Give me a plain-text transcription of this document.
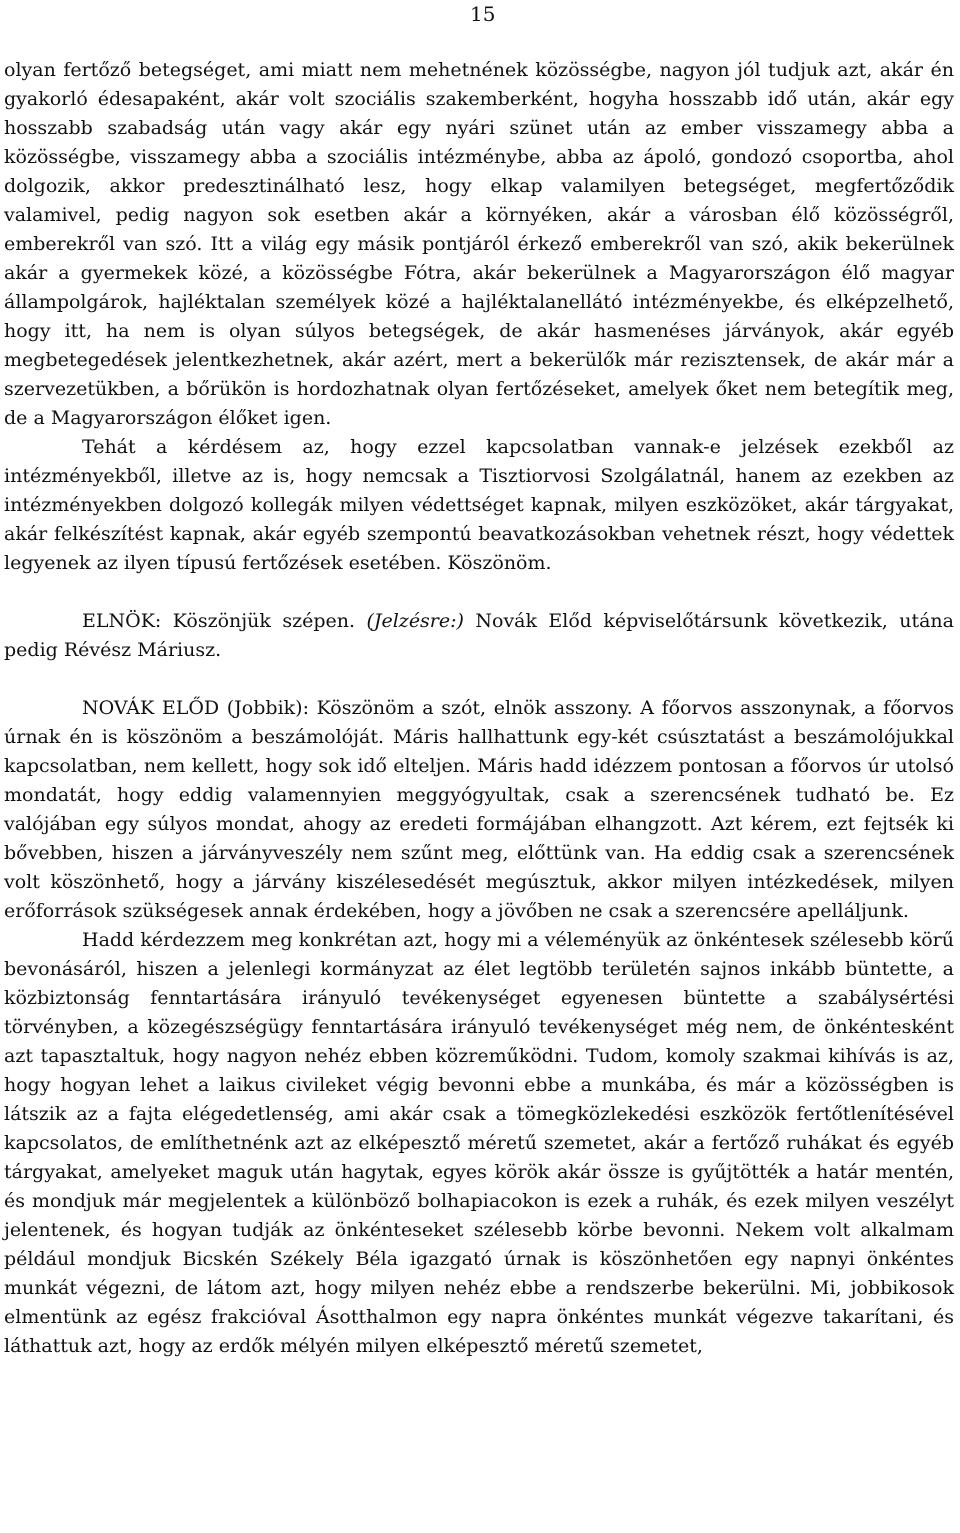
15

olyan fertőző betegséget, ami miatt nem mehetnének közösségbe, nagyon jól tudjuk azt, akár én gyakorló édesapaként, akár volt szociális szakemberként, hogyha hosszabb idő után, akár egy hosszabb szabadság után vagy akár egy nyári szünet után az ember visszamegy abba a közösségbe, visszamegy abba a szociális intézménybe, abba az ápoló, gondozó csoportba, ahol dolgozik, akkor predesztinálható lesz, hogy elkap valamilyen betegséget, megfertőződik valamivel, pedig nagyon sok esetben akár a környéken, akár a városban élő közösségről, emberekről van szó. Itt a világ egy másik pontjáról érkező emberekről van szó, akik bekerülnek akár a gyermekek közé, a közösségbe Fótra, akár bekerülnek a Magyarországon élő magyar állampolgárok, hajléktalan személyek közé a hajléktalanellátó intézményekbe, és elképzelhető, hogy itt, ha nem is olyan súlyos betegségek, de akár hasmenéses járványok, akár egyéb megbetegedések jelentkezhetnek, akár azért, mert a bekerülők már rezisztensek, de akár már a szervezetükben, a bőrükön is hordozhatnak olyan fertőzéseket, amelyek őket nem betegítik meg, de a Magyarországon élőket igen.

Tehát a kérdésem az, hogy ezzel kapcsolatban vannak-e jelzések ezekből az intézményekből, illetve az is, hogy nemcsak a Tisztiorvosi Szolgálatnál, hanem az ezekben az intézményekben dolgozó kollegák milyen védettséget kapnak, milyen eszközöket, akár tárgyakat, akár felkészítést kapnak, akár egyéb szempontú beavatkozásokban vehetnek részt, hogy védettek legyenek az ilyen típusú fertőzések esetében. Köszönöm.

ELNÖK: Köszönjük szépen. (Jelzésre:) Novák Előd képviselőtársunk következik, utána pedig Révész Máriusz.

NOVÁK ELŐD (Jobbik): Köszönöm a szót, elnök asszony. A főorvos asszonynak, a főorvos úrnak én is köszönöm a beszámolóját. Máris hallhattunk egy-két csúsztatást a beszámolójukkal kapcsolatban, nem kellett, hogy sok idő elteljen. Máris hadd idézzem pontosan a főorvos úr utolsó mondatát, hogy eddig valamennyien meggyógyultak, csak a szerencsének tudható be. Ez valójában egy súlyos mondat, ahogy az eredeti formájában elhangzott. Azt kérem, ezt fejtsék ki bővebben, hiszen a járványveszély nem szűnt meg, előttünk van. Ha eddig csak a szerencsének volt köszönhető, hogy a járvány kiszélesedését megúsztuk, akkor milyen intézkedések, milyen erőforrások szükségesek annak érdekében, hogy a jövőben ne csak a szerencsére apelláljunk.

Hadd kérdezzem meg konkrétan azt, hogy mi a véleményük az önkéntesek szélesebb körű bevonásáról, hiszen a jelenlegi kormányzat az élet legtöbb területén sajnos inkább büntette, a közbiztonság fenntartására irányuló tevékenységet egyenesen büntette a szabálysértési törvényben, a közegészségügy fenntartására irányuló tevékenységet még nem, de önkéntesként azt tapasztaltuk, hogy nagyon nehéz ebben közreműködni. Tudom, komoly szakmai kihívás is az, hogy hogyan lehet a laikus civileket végig bevonni ebbe a munkába, és már a közösségben is látszik az a fajta elégedetlenség, ami akár csak a tömegközlekedési eszközök fertőtlenítésével kapcsolatos, de említhetnénk azt az elképesztő méretű szemetet, akár a fertőző ruhákat és egyéb tárgyakat, amelyeket maguk után hagytak, egyes körök akár össze is gyűjtötték a határ mentén, és mondjuk már megjelentek a különböző bolhapiacokon is ezek a ruhák, és ezek milyen veszélyt jelentenek, és hogyan tudják az önkénteseket szélesebb körbe bevonni. Nekem volt alkalmam például mondjuk Bicskén Székely Béla igazgató úrnak is köszönhetően egy napnyi önkéntes munkát végezni, de látom azt, hogy milyen nehéz ebbe a rendszerbe bekerülni. Mi, jobbikosok elmentünk az egész frakcióval Ásotthalmon egy napra önkéntes munkát végezve takarítani, és láthattuk azt, hogy az erdők mélyén milyen elképesztő méretű szemetet,
